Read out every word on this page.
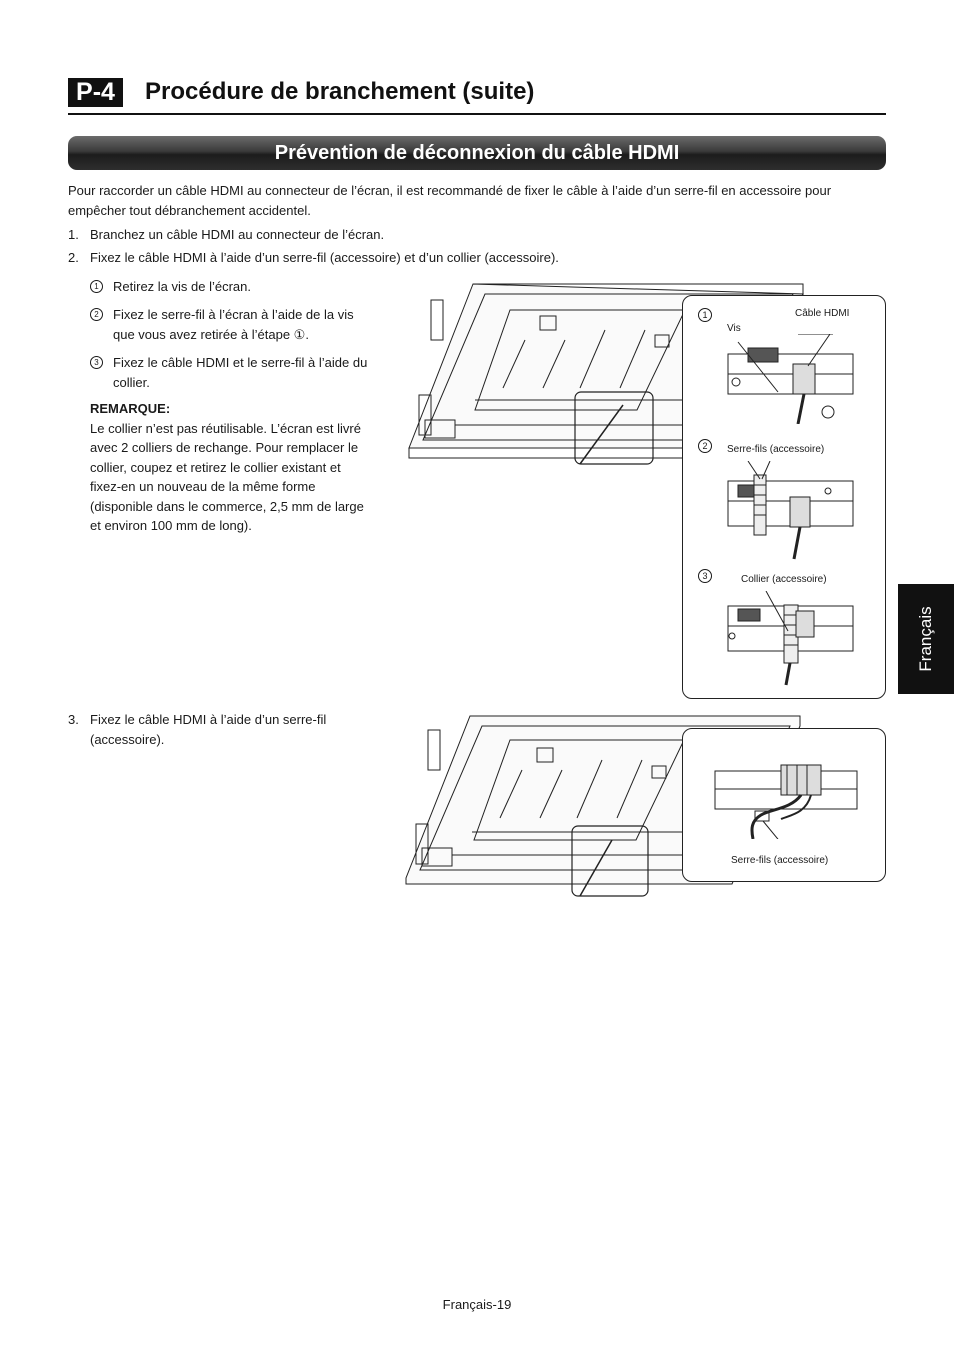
P-4	Procédure de branchement (suite)
Prévention de déconnexion du câble HDMI
Pour raccorder un câble HDMI au connecteur de l’écran, il est recommandé de fixer le câble à l’aide d’un serre-fil en accessoire pour empêcher tout débranchement accidentel.
1. Branchez un câble HDMI au connecteur de l’écran.
2. Fixez le câble HDMI à l’aide d’un serre-fil (accessoire) et d’un collier (accessoire).
1	Retirez la vis de l’écran.
2	Fixez le serre-fil à l’écran à l’aide de la vis que vous avez retirée à l’étape ①.
3	Fixez le câble HDMI et le serre-fil à l’aide du collier.
REMARQUE:
Le collier n’est pas réutilisable. L’écran est livré avec 2 colliers de rechange. Pour remplacer le collier, coupez et retirez le collier existant et fixez-en un nouveau de la même forme (disponible dans le commerce, 2,5 mm de large et environ 100 mm de long).
3. Fixez le câble HDMI à l’aide d’un serre-fil (accessoire).
1	Câble HDMI
Vis
2	Serre-fils (accessoire)
3	Collier (accessoire)
Serre-fils (accessoire)
Français
Français-19
